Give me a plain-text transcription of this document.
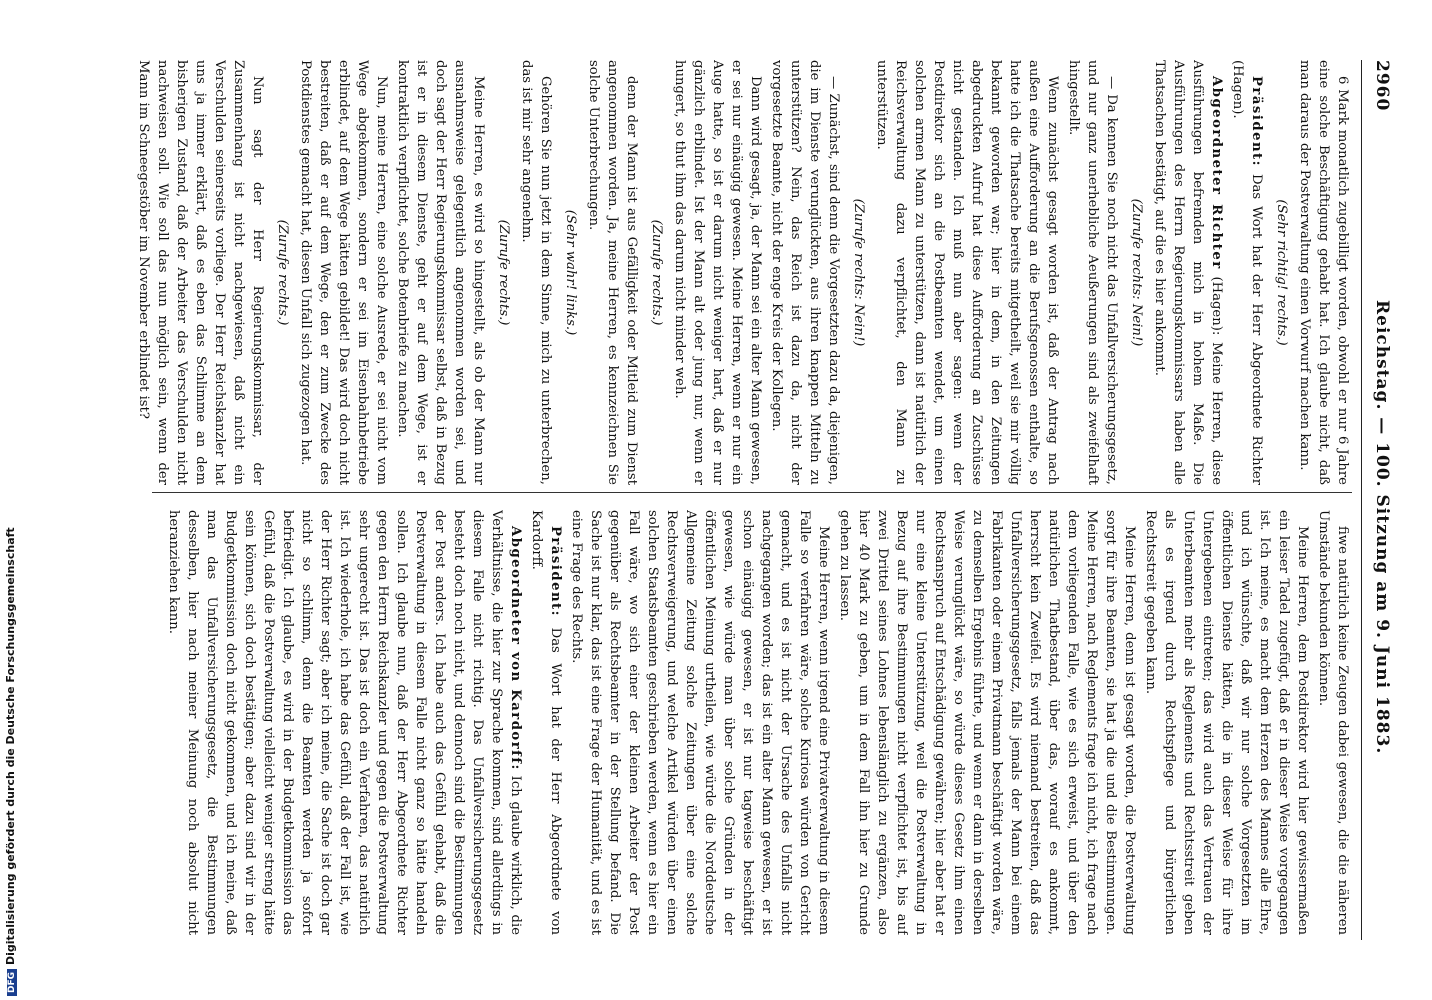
DFGDigitalisierung gefördert durch die Deutsche Forschungsgemeinschaft
2960
Reichstag. — 100. Sitzung am 9. Juni 1883.

6 Mark monatlich zugebilligt worden, obwohl er nur 6 Jahre eine solche Beschäftigung gehabt hat. Ich glaube nicht, daß man daraus der Postverwaltung einen Vorwurf machen kann.

(Sehr richtig! rechts.)

Präsident: Das Wort hat der Herr Abgeordnete Richter (Hagen).

Abgeordneter Richter (Hagen): Meine Herren, diese Ausführungen befremden mich in hohem Maße. Die Ausführungen des Herrn Regierungskommissars haben alle Thatsachen bestätigt, auf die es hier ankommt.

(Zurufe rechts: Nein!)

— Da kennen Sie noch nicht das Unfallversicherungsgesetz, und nur ganz unerhebliche Aeußerungen sind als zweifelhaft hingestellt.

Wenn zunächst gesagt worden ist, daß der Antrag nach außen eine Aufforderung an die Berufsgenossen enthalte, so hatte ich die Thatsache bereits mitgetheilt, weil sie mir völlig bekannt geworden war; hier in dem, in den Zeitungen abgedruckten Aufruf hat diese Aufforderung an Zuschüsse nicht gestanden. Ich muß nun aber sagen: wenn der Postdirektor sich an die Postbeamten wendet, um einen solchen armen Mann zu unterstützen, dann ist natürlich der Reichsverwaltung dazu verpflichtet, den Mann zu unterstützen.

(Zurufe rechts: Nein!)

— Zunächst, sind denn die Vorgesetzten dazu da, diejenigen, die im Dienste verunglückten, aus ihren knappen Mitteln zu unterstützen? Nein, das Reich ist dazu da, nicht der vorgesetzte Beamte, nicht der enge Kreis der Kollegen.

Dann wird gesagt, ja, der Mann sei ein alter Mann gewesen, er sei nur einäugig gewesen. Meine Herren, wenn er nur ein Auge hatte, so ist er darum nicht weniger hart, daß er nur gänzlich erblindet. Ist der Mann alt oder jung nur, wenn er hungert, so thut ihm das darum nicht minder weh.

(Zurufe rechts.)

denn der Mann ist aus Gefälligkeit oder Mitleid zum Dienst angenommen worden. Ja, meine Herren, es kennzeichnen Sie solche Unterbrechungen.

(Sehr wahr! links.)

Gehören Sie nun jetzt in dem Sinne, mich zu unterbrechen, das ist mir sehr angenehm.

(Zurufe rechts.)

Meine Herren, es wird so hingestellt, als ob der Mann nur ausnahmsweise gelegentlich angenommen worden sei, und doch sagt der Herr Regierungskommissar selbst, daß in Bezug ist er in diesem Dienste, geht er auf dem Wege, ist er kontraktlich verpflichtet, solche Botenbriefe zu machen.

Nun, meine Herren, eine solche Ausrede, er sei nicht vom Wege abgekommen, sondern er sei im Eisenbahnbetriebe erblindet, auf dem Wege hätten gebildet! Das wird doch nicht bestreiten, daß er auf dem Wege, den er zum Zwecke des Postdienstes gemacht hat, diesen Unfall sich zugezogen hat.

(Zurufe rechts.)

Nun sagt der Herr Regierungskommissar, der Zusammenhang ist nicht nachgewiesen, daß nicht ein Verschulden seinerseits vorliege. Der Herr Reichskanzler hat uns ja immer erklärt, daß es eben das Schlimme an dem bisherigen Zustand, daß der Arbeiter das Verschulden nicht nachweisen soll. Wie soll das nun möglich sein, wenn der Mann im Schneegestöber im November erblindet ist?

fiwe natürlich keine Zeugen dabei gewesen, die die näheren Umstände bekunden können.

Meine Herren, dem Postdirektor wird hier gewissermaßen ein leiser Tadel zugefügt, daß er in dieser Weise vorgegangen ist. Ich meine, es macht dem Herzen des Mannes alle Ehre, und ich wünschte, daß wir nur solche Vorgesetzten im öffentlichen Dienste hätten, die in dieser Weise für ihre Untergebenen eintreten; das wird auch das Vertrauen der Unterbeamten mehr als Reglements und Rechtsstreit geben als es irgend durch Rechtspflege und bürgerlichen Rechtsstreit gegeben kann.

Meine Herren, denn ist gesagt worden, die Postverwaltung sorgt für ihre Beamten, sie hat ja die und die Bestimmungen. Meine Herren, nach Reglements frage ich nicht, ich frage nach dem vorliegenden Falle, wie es sich erweist, und über den natürlichen Thatbestand, über das, worauf es ankommt, herrscht kein Zweifel. Es wird niemand bestreiten, daß das Unfallversicherungsgesetz, falls jemals der Mann bei einem Fabrikanten oder einem Privatmann beschäftigt worden wäre, zu demselben Ergebnis führte, und wenn er dann in derselben Weise verunglückt wäre, so würde dieses Gesetz ihm einen Rechtsanspruch auf Entschädigung gewähren; hier aber hat er nur eine kleine Unterstützung, weil die Postverwaltung in Bezug auf ihre Bestimmungen nicht verpflichtet ist, bis auf zwei Drittel seines Lohnes lebenslänglich zu ergänzen, also hier 40 Mark zu geben, um in dem Fall ihn hier zu Grunde gehen zu lassen.

Meine Herren, wenn irgend eine Privatverwaltung in diesem Falle so verfahren wäre, solche Kuriosa würden von Gericht gemacht, und es ist nicht der Ursache des Unfalls nicht nachgegangen worden; das ist ein alter Mann gewesen, er ist schon einäugig gewesen, er ist nur tagweise beschäftigt gewesen, wie würde man über solche Gründen in der öffentlichen Meinung urtheilen, wie würde die Norddeutsche Allgemeine Zeitung solche Zeitungen über eine solche Rechtsverweigerung, und welche Artikel würden über einen solchen Staatsbeamten geschrieben werden, wenn es hier ein Fall wäre, wo sich einer der kleinen Arbeiter der Post gegenüber als Rechtsbeamter in der Stellung befand. Die Sache ist nur klar, das ist eine Frage der Humanität, und es ist eine Frage des Rechts.

Präsident: Das Wort hat der Herr Abgeordnete von Kardorff.

Abgeordneter von Kardorff: Ich glaube wirklich, die Verhältnisse, die hier zur Sprache kommen, sind allerdings in diesem Falle nicht richtig. Das Unfallversicherungsgesetz besteht doch noch nicht, und dennoch sind die Bestimmungen der Post anders. Ich habe auch das Gefühl gehabt, daß die Postverwaltung in diesem Falle nicht ganz so hätte handeln sollen. Ich glaube nun, daß der Herr Abgeordnete Richter gegen den Herrn Reichskanzler und gegen die Postverwaltung sehr ungerecht ist. Das ist doch ein Verfahren, das natürlich ist. Ich wiederhole, ich habe das Gefühl, daß der Fall ist, wie der Herr Richter sagt; aber ich meine, die Sache ist doch gar nicht so schlimm, denn die Beamten werden ja sofort befriedigt. Ich glaube, es wird in der Budgetkommission das Gefühl, daß die Postverwaltung vielleicht weniger streng hätte sein können, sich doch bestätigen; aber dazu sind wir in der Budgetkommission doch nicht gekommen, und ich meine, daß man das Unfallversicherungsgesetz, die Bestimmungen desselben, hier nach meiner Meinung noch absolut nicht heranziehen kann.
